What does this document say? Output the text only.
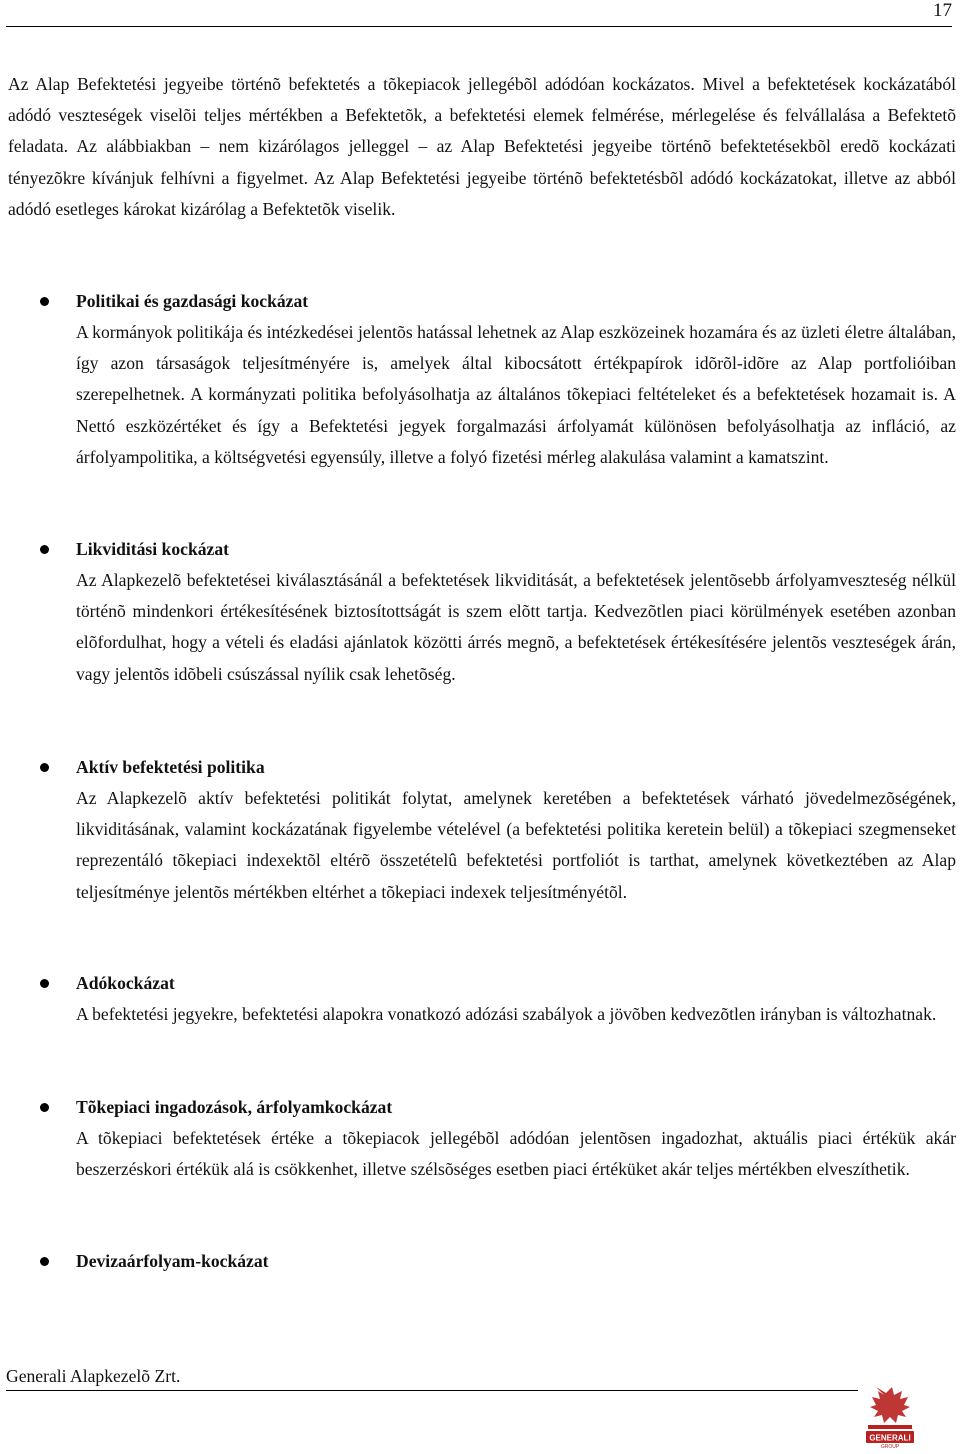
17

Az Alap Befektetési jegyeibe történõ befektetés a tõkepiacok jellegébõl adódóan kockázatos. Mivel a befektetések kockázatából adódó veszteségek viselõi teljes mértékben a Befektetõk, a befektetési elemek felmérése, mérlegelése és felvállalása a Befektetõ feladata. Az alábbiakban – nem kizárólagos jelleggel – az Alap Befektetési jegyeibe történõ befektetésekbõl eredõ kockázati tényezõkre kívánjuk felhívni a figyelmet. Az Alap Befektetési jegyeibe történõ befektetésbõl adódó kockázatokat, illetve az abból adódó esetleges károkat kizárólag a Befektetõk viselik.

Politikai és gazdasági kockázat

A kormányok politikája és intézkedései jelentõs hatással lehetnek az Alap eszközeinek hozamára és az üzleti életre általában, így azon társaságok teljesítményére is, amelyek által kibocsátott értékpapírok idõrõl-idõre az Alap portfolióiban szerepelhetnek. A kormányzati politika befolyásolhatja az általános tõkepiaci feltételeket és a befektetések hozamait is. A Nettó eszközértéket és így a Befektetési jegyek forgalmazási árfolyamát különösen befolyásolhatja az infláció, az árfolyampolitika, a költségvetési egyensúly, illetve a folyó fizetési mérleg alakulása valamint a kamatszint.

Likviditási kockázat

Az Alapkezelõ befektetései kiválasztásánál a befektetések likviditását, a befektetések jelentõsebb árfolyamveszteség nélkül történõ mindenkori értékesítésének biztosítottságát is szem elõtt tartja. Kedvezõtlen piaci körülmények esetében azonban elõfordulhat, hogy a vételi és eladási ajánlatok közötti árrés megnõ, a befektetések értékesítésére jelentõs veszteségek árán, vagy jelentõs idõbeli csúszással nyílik csak lehetõség.

Aktív befektetési politika

Az Alapkezelõ aktív befektetési politikát folytat, amelynek keretében a befektetések várható jövedelmezõségének, likviditásának, valamint kockázatának figyelembe vételével (a befektetési politika keretein belül) a tõkepiaci szegmenseket reprezentáló tõkepiaci indexektõl eltérõ összetételû befektetési portfoliót is tarthat, amelynek következtében az Alap teljesítménye jelentõs mértékben eltérhet a tõkepiaci indexek teljesítményétõl.

Adókockázat

A befektetési jegyekre, befektetési alapokra vonatkozó adózási szabályok a jövõben kedvezõtlen irányban is változhatnak.

Tõkepiaci ingadozások, árfolyamkockázat

A tõkepiaci befektetések értéke a tõkepiacok jellegébõl adódóan jelentõsen ingadozhat, aktuális piaci értékük akár beszerzéskori értékük alá is csökkenhet, illetve szélsõséges esetben piaci értéküket akár teljes mértékben elveszíthetik.

Devizaárfolyam-kockázat

Generali Alapkezelõ Zrt.
GENERALI
GROUP
